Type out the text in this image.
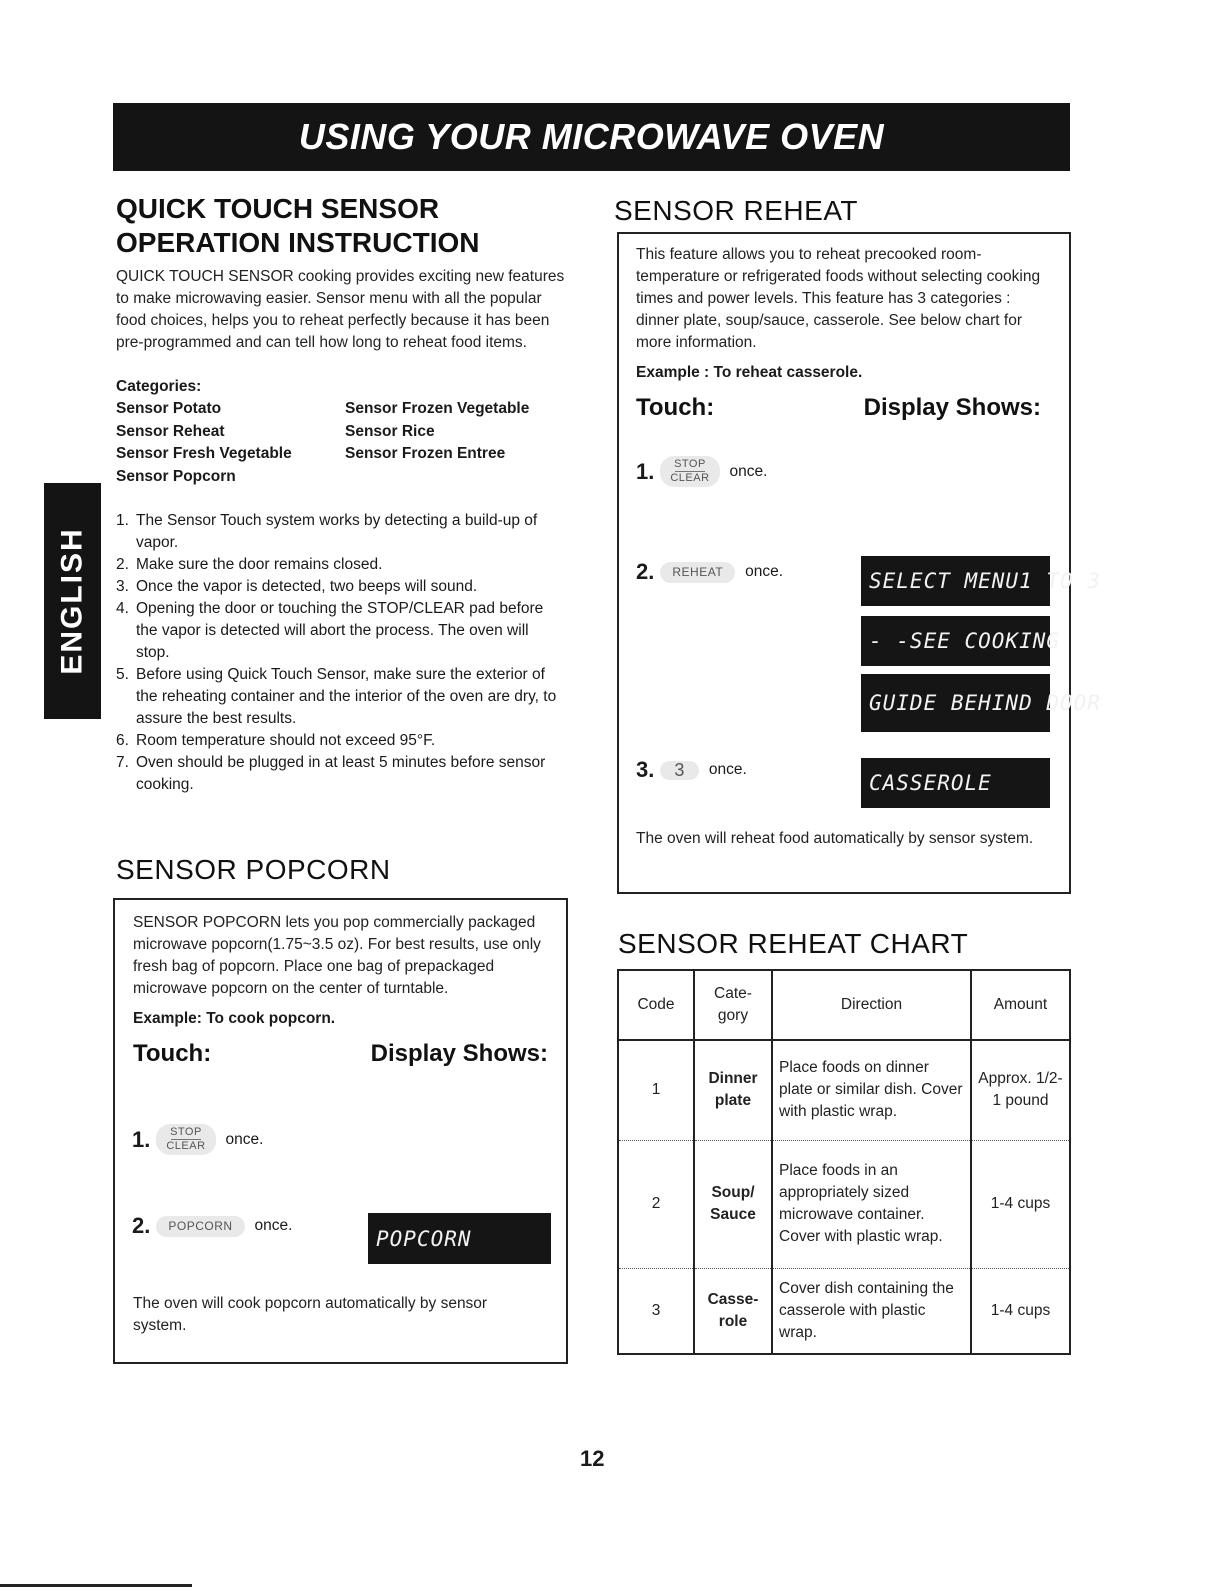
USING YOUR MICROWAVE OVEN
ENGLISH
QUICK TOUCH SENSOR
OPERATION INSTRUCTION

QUICK TOUCH SENSOR cooking provides exciting new features to make microwaving easier. Sensor menu with all the popular food choices, helps you to reheat perfectly because it has been pre-programmed and can tell how long to reheat food items.

Categories:
Sensor Potato	Sensor Frozen Vegetable
Sensor Reheat	Sensor Rice
Sensor Fresh Vegetable	Sensor Frozen Entree
Sensor Popcorn
1. The Sensor Touch system works by detecting a build-up of vapor.
2. Make sure the door remains closed.
3. Once the vapor is detected, two beeps will sound.
4. Opening the door or touching the STOP/CLEAR pad before the vapor is detected will abort the process. The oven will stop.
5. Before using Quick Touch Sensor, make sure the exterior of the reheating container and the interior of the oven are dry, to assure the best results.
6. Room temperature should not exceed 95°F.
7. Oven should be plugged in at least 5 minutes before sensor cooking.
SENSOR POPCORN

SENSOR POPCORN lets you pop commercially packaged microwave popcorn(1.75~3.5 oz). For best results, use only fresh bag of popcorn. Place one bag of prepackaged microwave popcorn on the center of turntable.

Example: To cook popcorn.
Touch:	Display Shows:
1. STOP
CLEAR once.
2.	POPCORN	once.
POPCORN

The oven will cook popcorn automatically by sensor system.

SENSOR REHEAT

This feature allows you to reheat precooked room-temperature or refrigerated foods without selecting cooking times and power levels. This feature has 3 categories : dinner plate, soup/sauce, casserole. See below chart for more information.

Example : To reheat casserole.
Touch:	Display Shows:
1. STOP
CLEAR once.
2.	REHEAT	once.
3.	3	once.
SELECT MENU1 TO 3
- -SEE COOKING
GUIDE BEHIND DOOR
CASSEROLE

The oven will reheat food automatically by sensor system.

SENSOR REHEAT CHART
Code	Cate-gory	Direction	Amount
1	Dinner plate	Place foods on dinner plate or similar dish. Cover with plastic wrap.	Approx. 1/2-1 pound
2	Soup/ Sauce	Place foods in an appropriately sized microwave container. Cover with plastic wrap.	1-4 cups
3	Casse-role	Cover dish containing the casserole with plastic wrap.	1-4 cups
12
